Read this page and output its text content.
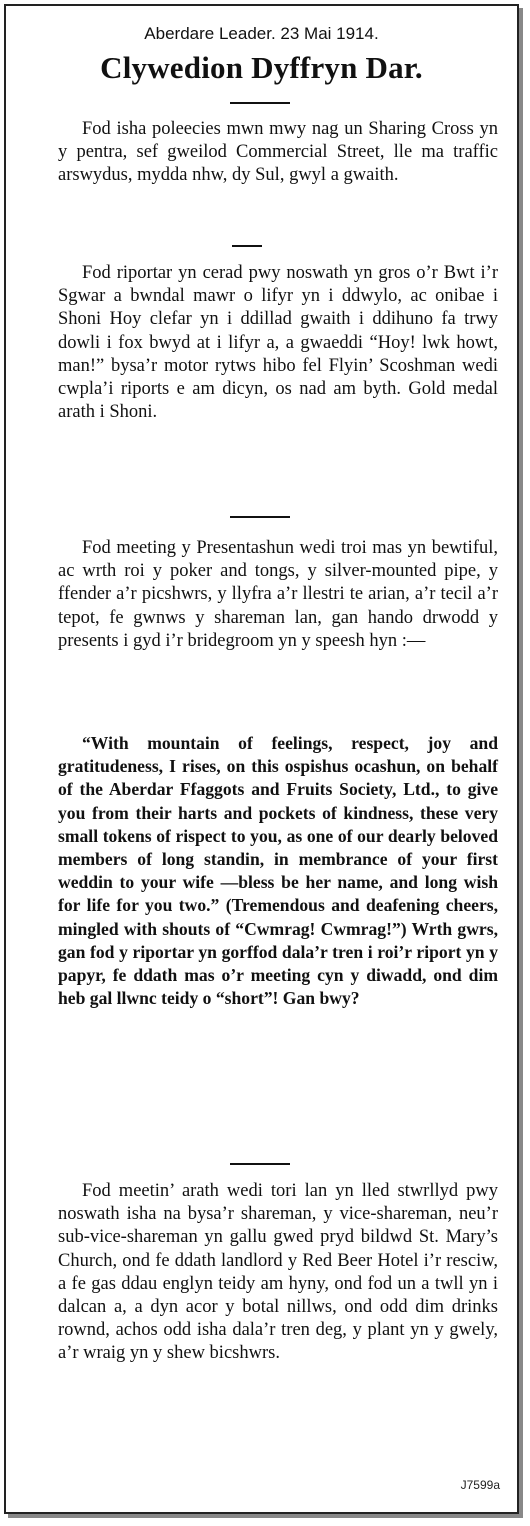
Aberdare Leader. 23 Mai 1914.
Clywedion Dyffryn Dar.

Fod isha poleecies mwn mwy nag un Sharing Cross yn y pentra, sef gweilod Commercial Street, lle ma traffic arswydus, mydda nhw, dy Sul, gwyl a gwaith.

Fod riportar yn cerad pwy noswath yn gros o’r Bwt i’r Sgwar a bwndal mawr o lifyr yn i ddwylo, ac onibae i Shoni Hoy clefar yn i ddillad gwaith i ddihuno fa trwy dowli i fox bwyd at i lifyr a, a gwaeddi “Hoy! lwk howt, man!” bysa’r motor rytws hibo fel Flyin’ Scoshman wedi cwpla’i riports e am dicyn, os nad am byth. Gold medal arath i Shoni.

Fod meeting y Presentashun wedi troi mas yn bewtiful, ac wrth roi y poker and tongs, y silver-mounted pipe, y ffender a’r picshwrs, y llyfra a’r llestri te arian, a’r tecil a’r tepot, fe gwnws y shareman lan, gan hando drwodd y presents i gyd i’r bridegroom yn y speesh hyn :—

“With mountain of feelings, respect, joy and gratitudeness, I rises, on this ospishus ocashun, on behalf of the Aberdar Ffaggots and Fruits Society, Ltd., to give you from their harts and pockets of kindness, these very small tokens of rispect to you, as one of our dearly beloved members of long standin, in membrance of your first weddin to your wife —bless be her name, and long wish for life for you two.” (Tremendous and deafening cheers, mingled with shouts of “Cwmrag! Cwmrag!”) Wrth gwrs, gan fod y riportar yn gorffod dala’r tren i roi’r riport yn y papyr, fe ddath mas o’r meeting cyn y diwadd, ond dim heb gal llwnc teidy o “short”! Gan bwy?

Fod meetin’ arath wedi tori lan yn lled stwrllyd pwy noswath isha na bysa’r shareman, y vice-shareman, neu’r sub-vice-shareman yn gallu gwed pryd bildwd St. Mary’s Church, ond fe ddath landlord y Red Beer Hotel i’r resciw, a fe gas ddau englyn teidy am hyny, ond fod un a twll yn i dalcan a, a dyn acor y botal nillws, ond odd dim drinks rownd, achos odd isha dala’r tren deg, y plant yn y gwely, a’r wraig yn y shew bicshwrs.

J7599a
